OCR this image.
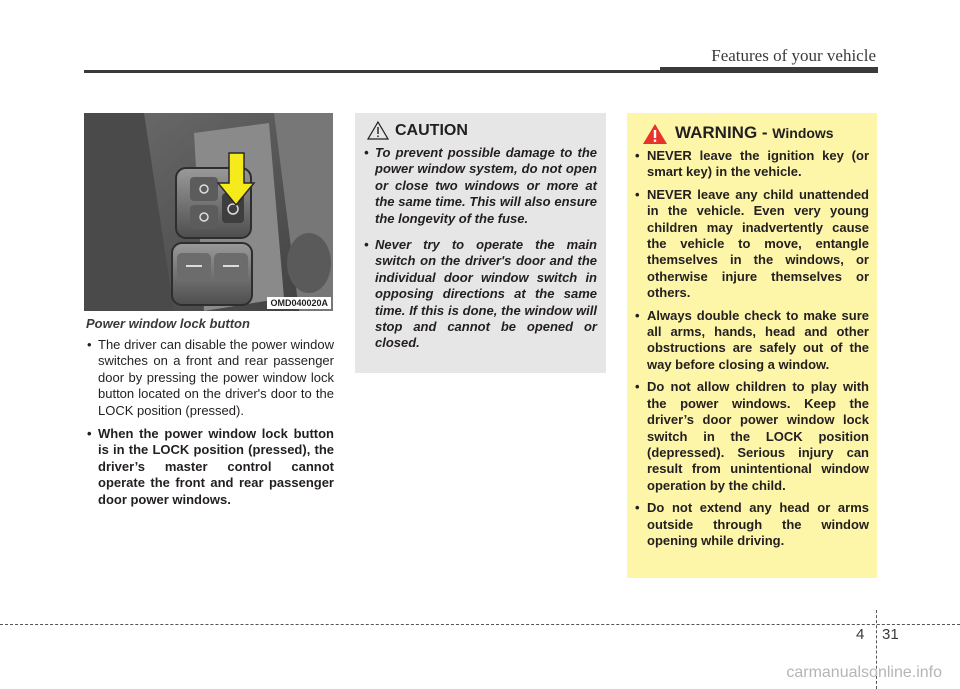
Features of your vehicle
OMD040020A
Power window lock button
• The driver can disable the power window switches on a front and rear passenger door by pressing the power window lock button located on the driver's door to the LOCK position (pressed).
• When the power window lock button is in the LOCK position (pressed), the driver’s master control cannot operate the front and rear passenger door power windows.
CAUTION
• To prevent possible damage to the power window system, do not open or close two windows or more at the same time. This will also ensure the longevity of the fuse.
• Never try to operate the main switch on the driver's door and the individual door window switch in opposing directions at the same time. If this is done, the window will stop and cannot be opened or closed.
WARNING - Windows
• NEVER leave the ignition key (or smart key) in the vehicle.
• NEVER leave any child unattended in the vehicle. Even very young children may inadvertently cause the vehicle to move, entangle themselves in the windows, or otherwise injure themselves or others.
• Always double check to make sure all arms, hands, head and other obstructions are safely out of the way before closing a window.
• Do not allow children to play with the power windows. Keep the driver’s door power window lock switch in the LOCK position (depressed). Serious injury can result from unintentional window operation by the child.
• Do not extend any head or arms outside through the window opening while driving.
4 31
carmanualsonline.info
